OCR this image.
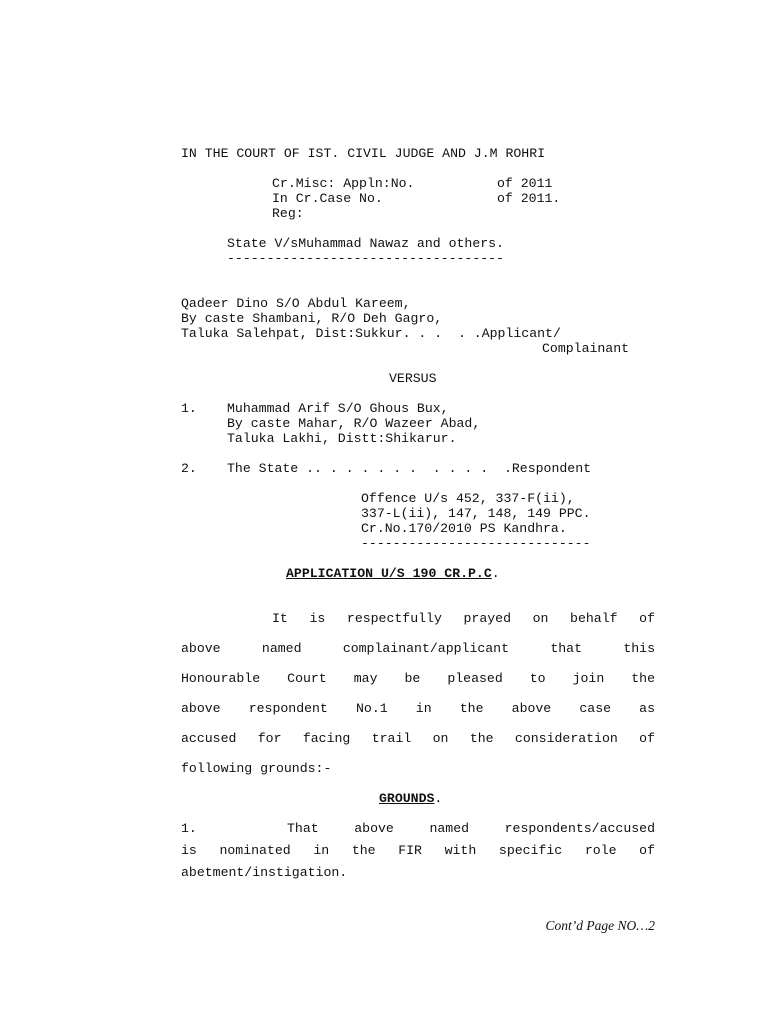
IN THE COURT OF IST. CIVIL JUDGE AND J.M ROHRI
Cr.Misc: Appln:No.	of 2011
In Cr.Case No.	of 2011.
Reg:
State V/sMuhammad Nawaz and others.
-----------------------------------
Qadeer Dino S/O Abdul Kareem,
By caste Shambani, R/O Deh Gagro,
Taluka Salehpat, Dist:Sukkur. . .  . .Applicant/
Complainant
VERSUS
1. Muhammad Arif S/O Ghous Bux,
By caste Mahar, R/O Wazeer Abad,
Taluka Lakhi, Distt:Shikarur.
2. The State .. . . . . . .  . . . .  .Respondent
Offence U/s 452, 337-F(ii),
337-L(ii), 147, 148, 149 PPC.
Cr.No.170/2010 PS Kandhra.
-----------------------------
APPLICATION U/S 190 CR.P.C.
It is respectfully prayed on behalf of
above named complainant/applicant that this
Honourable Court may be pleased to join the
above respondent No.1 in the above case as
accused for facing trail on the consideration of
following grounds:-
GROUNDS.
1.	That above named respondents/accused
is nominated in the FIR with specific role of
abetment/instigation.
Cont’d Page NO…2
